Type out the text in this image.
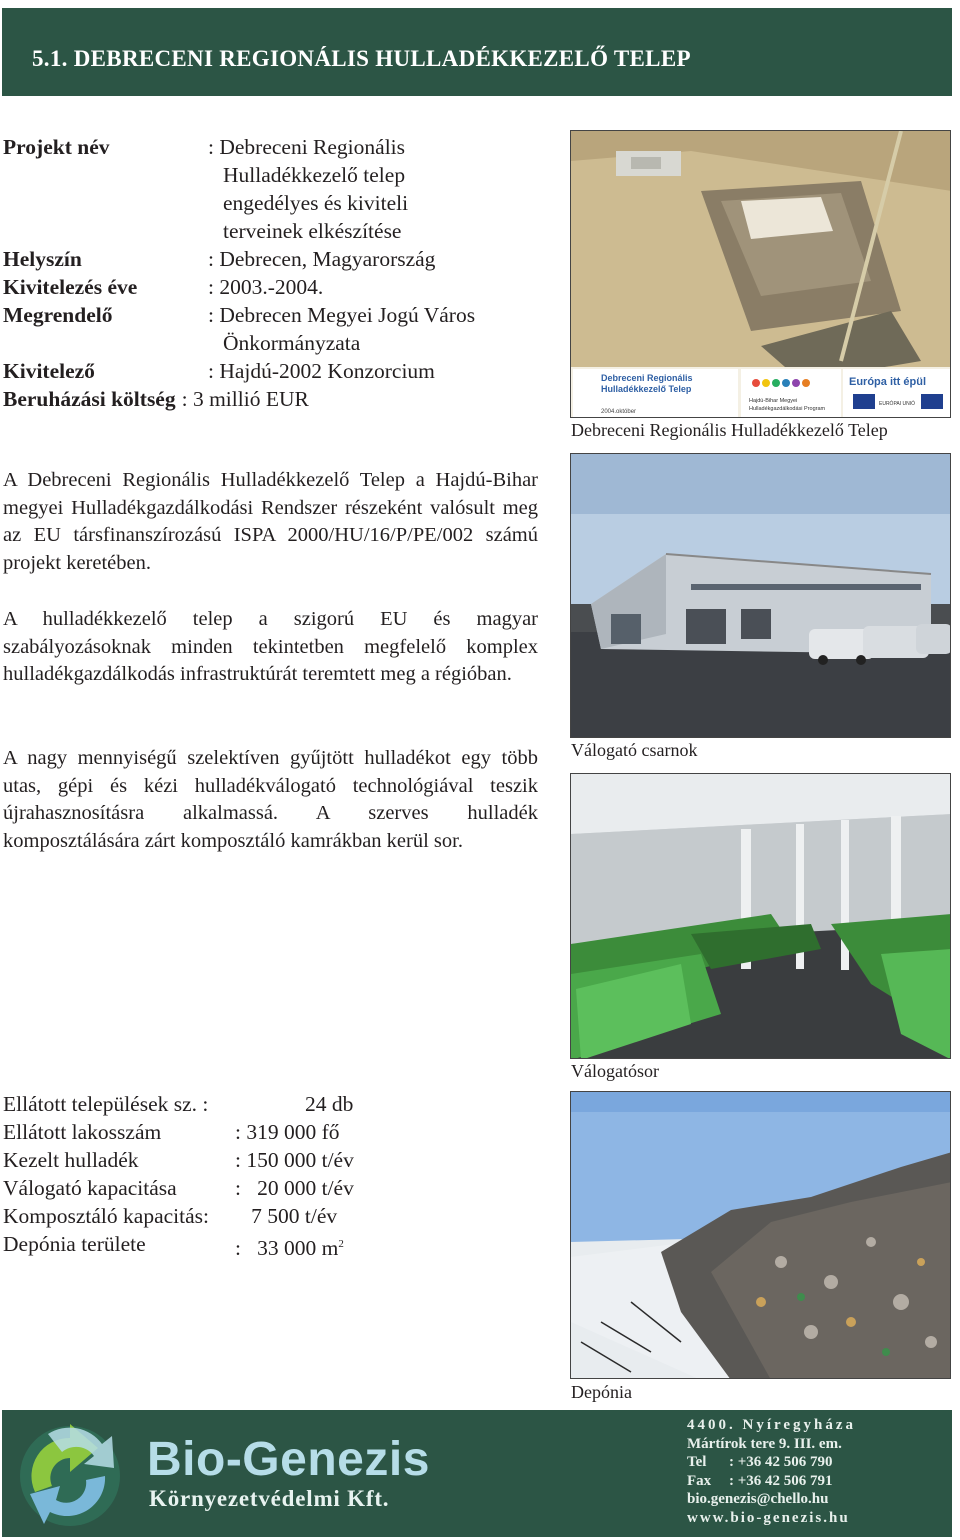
5.1. DEBRECENI REGIONÁLIS HULLADÉKKEZELŐ TELEP
Projekt név	: Debreceni Regionális
Hulladékkezelő telep
engedélyes és kiviteli
terveinek elkészítése
Helyszín	: Debrecen, Magyarország
Kivitelezés éve	: 2003.-2004.
Megrendelő	: Debrecen Megyei Jogú Város
Önkormányzata
Kivitelező	: Hajdú-2002 Konzorcium
Beruházási költség : 3 millió EUR

A Debreceni Regionális Hulladékkezelő Telep a Hajdú-Bihar megyei Hulladékgazdálkodási Rendszer részeként valósult meg az EU társfinanszírozású ISPA 2000/HU/16/P/PE/002 számú projekt keretében.

A hulladékkezelő telep a szigorú EU és magyar szabályozásoknak minden tekintetben megfelelő komplex hulladékgazdálkodás infrastruktúrát teremtett meg a régióban.

A nagy mennyiségű szelektíven gyűjtött hulladékot egy több utas, gépi és kézi hulladékválogató technológiával teszik újrahasznosításra alkalmassá. A szerves hulladék komposztálására zárt komposztáló kamrákban kerül sor.

Debreceni Regionális
Hulladékkezelő Telep
2004.október
Hajdú-Bihar Megyei
Hulladékgazdálkodási Program
Európa itt épül
EURÓPAI UNIÓ
Debreceni Regionális Hulladékkezelő Telep
Válogató csarnok
Válogatósor
Depónia
Ellátott települések sz. :	24 db
Ellátott lakosszám	: 319 000 fő
Kezelt hulladék	: 150 000 t/év
Válogató kapacitása	:   20 000 t/év
Komposztáló kapacitás:	7 500 t/év
Depónia területe	:   33 000 $m^2$
Bio-Genezis
Környezetvédelmi Kft.
4400. Nyíregyháza
Mártírok tere 9. III. em.
Tel	: +36 42 506 790
Fax	: +36 42 506 791
bio.genezis@chello.hu
www.bio-genezis.hu
